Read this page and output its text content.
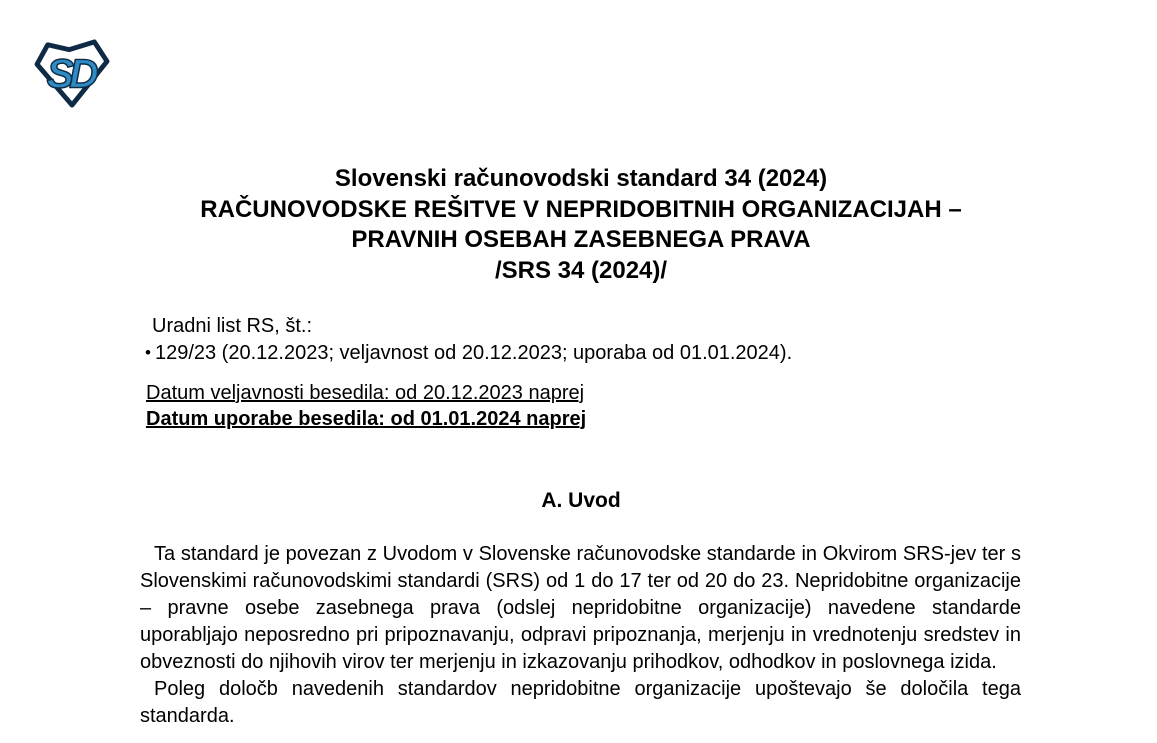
SD
Slovenski računovodski standard 34 (2024)
RAČUNOVODSKE REŠITVE V NEPRIDOBITNIH ORGANIZACIJAH –
PRAVNIH OSEBAH ZASEBNEGA PRAVA
/SRS 34 (2024)/
Uradni list RS, št.:
• 129/23 (20.12.2023; veljavnost od 20.12.2023; uporaba od 01.01.2024).
Datum veljavnosti besedila: od 20.12.2023 naprej
Datum uporabe besedila: od 01.01.2024 naprej
A. Uvod

Ta standard je povezan z Uvodom v Slovenske računovodske standarde in Okvirom SRS-jev ter s Slovenskimi računovodskimi standardi (SRS) od 1 do 17 ter od 20 do 23. Nepridobitne organizacije – pravne osebe zasebnega prava (odslej nepridobitne organizacije) navedene standarde uporabljajo neposredno pri pripoznavanju, odpravi pripoznanja, merjenju in vrednotenju sredstev in obveznosti do njihovih virov ter merjenju in izkazovanju prihodkov, odhodkov in poslovnega izida.

Poleg določb navedenih standardov nepridobitne organizacije upoštevajo še določila tega standarda.
